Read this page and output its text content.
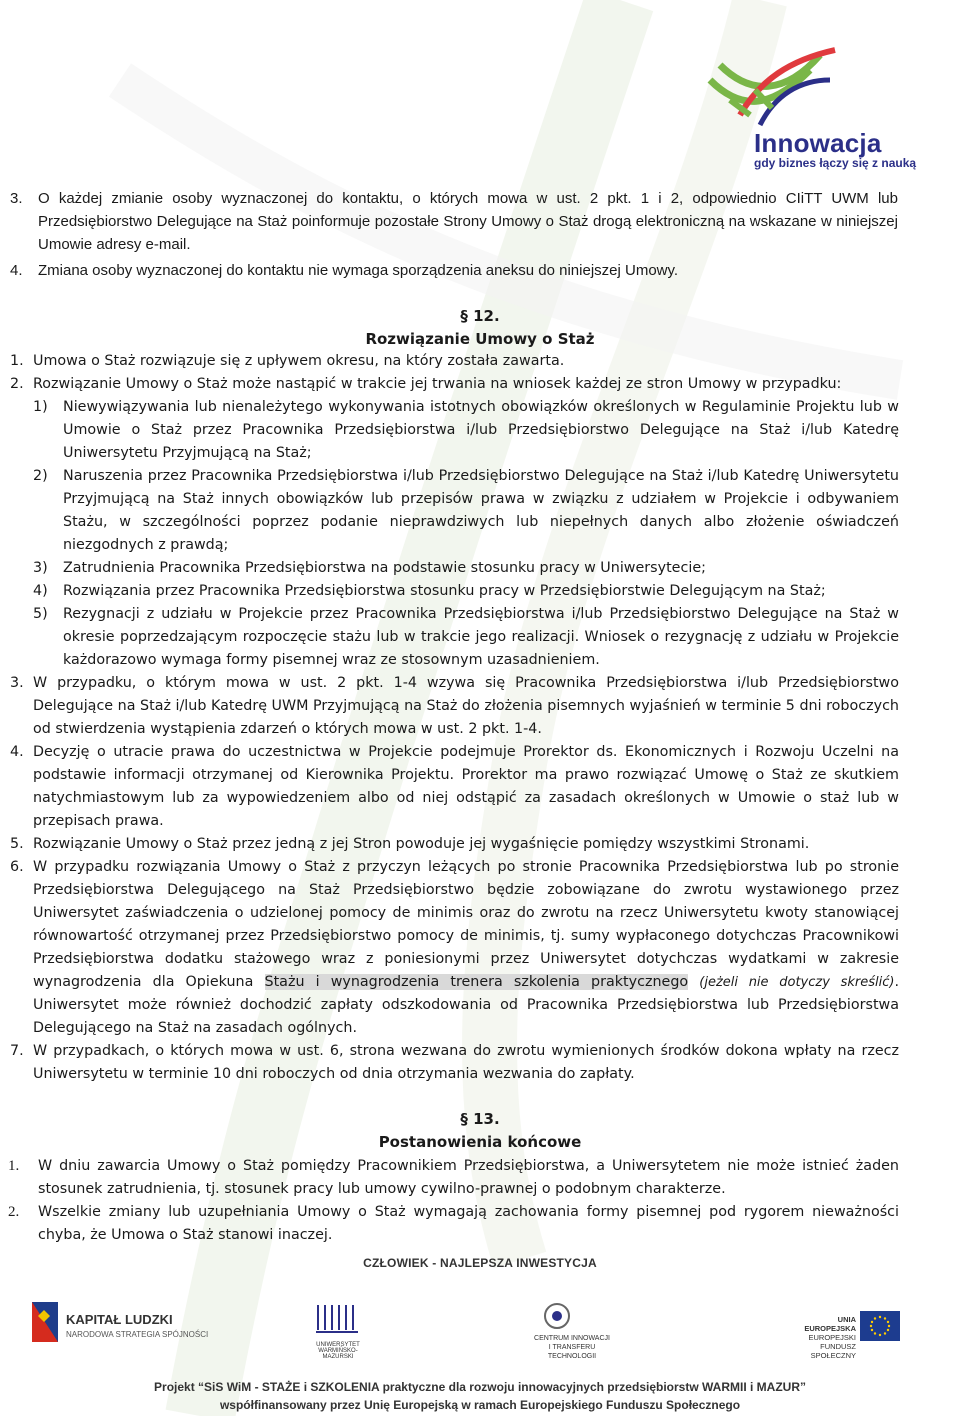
Innowacja
gdy biznes łączy się z nauką
3. O każdej zmianie osoby wyznaczonej do kontaktu, o których mowa w ust. 2 pkt. 1 i 2, odpowiednio CIiTT UWM lub Przedsiębiorstwo Delegujące na Staż poinformuje pozostałe Strony Umowy o Staż drogą elektroniczną na wskazane w niniejszej Umowie adresy e-mail.
4. Zmiana osoby wyznaczonej do kontaktu nie wymaga sporządzenia aneksu do niniejszej Umowy.
§ 12.
Rozwiązanie Umowy o Staż
1. Umowa o Staż rozwiązuje się z upływem okresu, na który została zawarta.
2. Rozwiązanie Umowy o Staż może nastąpić w trakcie jej trwania na wniosek każdej ze stron Umowy w przypadku:
1) Niewywiązywania lub nienależytego wykonywania istotnych obowiązków określonych w Regulaminie Projektu lub w Umowie o Staż przez Pracownika Przedsiębiorstwa i/lub Przedsiębiorstwo Delegujące na Staż i/lub Katedrę Uniwersytetu Przyjmującą na Staż;
2) Naruszenia przez Pracownika Przedsiębiorstwa i/lub Przedsiębiorstwo Delegujące na Staż i/lub Katedrę Uniwersytetu Przyjmującą na Staż innych obowiązków lub przepisów prawa w związku z udziałem w Projekcie i odbywaniem Stażu, w szczególności poprzez podanie nieprawdziwych lub niepełnych danych albo złożenie oświadczeń niezgodnych z prawdą;
3) Zatrudnienia Pracownika Przedsiębiorstwa na podstawie stosunku pracy w Uniwersytecie;
4) Rozwiązania przez Pracownika Przedsiębiorstwa stosunku pracy w Przedsiębiorstwie Delegującym na Staż;
5) Rezygnacji z udziału w Projekcie przez Pracownika Przedsiębiorstwa i/lub Przedsiębiorstwo Delegujące na Staż w okresie poprzedzającym rozpoczęcie stażu lub w trakcie jego realizacji. Wniosek o rezygnację z udziału w Projekcie każdorazowo wymaga formy pisemnej wraz ze stosownym uzasadnieniem.
3. W przypadku, o którym mowa w ust. 2 pkt. 1-4 wzywa się Pracownika Przedsiębiorstwa i/lub Przedsiębiorstwo Delegujące na Staż i/lub Katedrę UWM Przyjmującą na Staż do złożenia pisemnych wyjaśnień w terminie 5 dni roboczych od stwierdzenia wystąpienia zdarzeń o których mowa w ust. 2 pkt. 1-4.
4. Decyzję o utracie prawa do uczestnictwa w Projekcie podejmuje Prorektor ds. Ekonomicznych i Rozwoju Uczelni na podstawie informacji otrzymanej od Kierownika Projektu. Prorektor ma prawo rozwiązać Umowę o Staż ze skutkiem natychmiastowym lub za wypowiedzeniem albo od niej odstąpić za zasadach określonych w Umowie o staż lub w przepisach prawa.
5. Rozwiązanie Umowy o Staż przez jedną z jej Stron powoduje jej wygaśnięcie pomiędzy wszystkimi Stronami.
6. W przypadku rozwiązania Umowy o Staż z przyczyn leżących po stronie Pracownika Przedsiębiorstwa lub po stronie Przedsiębiorstwa Delegującego na Staż Przedsiębiorstwo będzie zobowiązane do zwrotu wystawionego przez Uniwersytet zaświadczenia o udzielonej pomocy de minimis oraz do zwrotu na rzecz Uniwersytetu kwoty stanowiącej równowartość otrzymanej przez Przedsiębiorstwo pomocy de minimis, tj. sumy wypłaconego dotychczas Pracownikowi Przedsiębiorstwa dodatku stażowego wraz z poniesionymi przez Uniwersytet dotychczas wydatkami w zakresie wynagrodzenia dla Opiekuna Stażu i wynagrodzenia trenera szkolenia praktycznego (jeżeli nie dotyczy skreślić). Uniwersytet może również dochodzić zapłaty odszkodowania od Pracownika Przedsiębiorstwa lub Przedsiębiorstwa Delegującego na Staż na zasadach ogólnych.
7. W przypadkach, o których mowa w ust. 6, strona wezwana do zwrotu wymienionych środków dokona wpłaty na rzecz Uniwersytetu w terminie 10 dni roboczych od dnia otrzymania wezwania do zapłaty.
§ 13.
Postanowienia końcowe
1. W dniu zawarcia Umowy o Staż pomiędzy Pracownikiem Przedsiębiorstwa, a Uniwersytetem nie może istnieć żaden stosunek zatrudnienia, tj. stosunek pracy lub umowy cywilno-prawnej o podobnym charakterze.
2. Wszelkie zmiany lub uzupełniania Umowy o Staż wymagają zachowania formy pisemnej pod rygorem nieważności chyba, że Umowa o Staż stanowi inaczej.
CZŁOWIEK - NAJLEPSZA INWESTYCJA
KAPITAŁ LUDZKI
NARODOWA STRATEGIA SPÓJNOŚCI
UNIWERSYTET WARMIŃSKO-MAZURSKI
CENTRUM INNOWACJI
I TRANSFERU TECHNOLOGII
UNIA EUROPEJSKA
EUROPEJSKI
FUNDUSZ SPOŁECZNY
Projekt “SiS WiM - STAŻE i SZKOLENIA praktyczne dla rozwoju innowacyjnych przedsiębiorstw WARMII i MAZUR”
współfinansowany przez Unię Europejską w ramach Europejskiego Funduszu Społecznego
